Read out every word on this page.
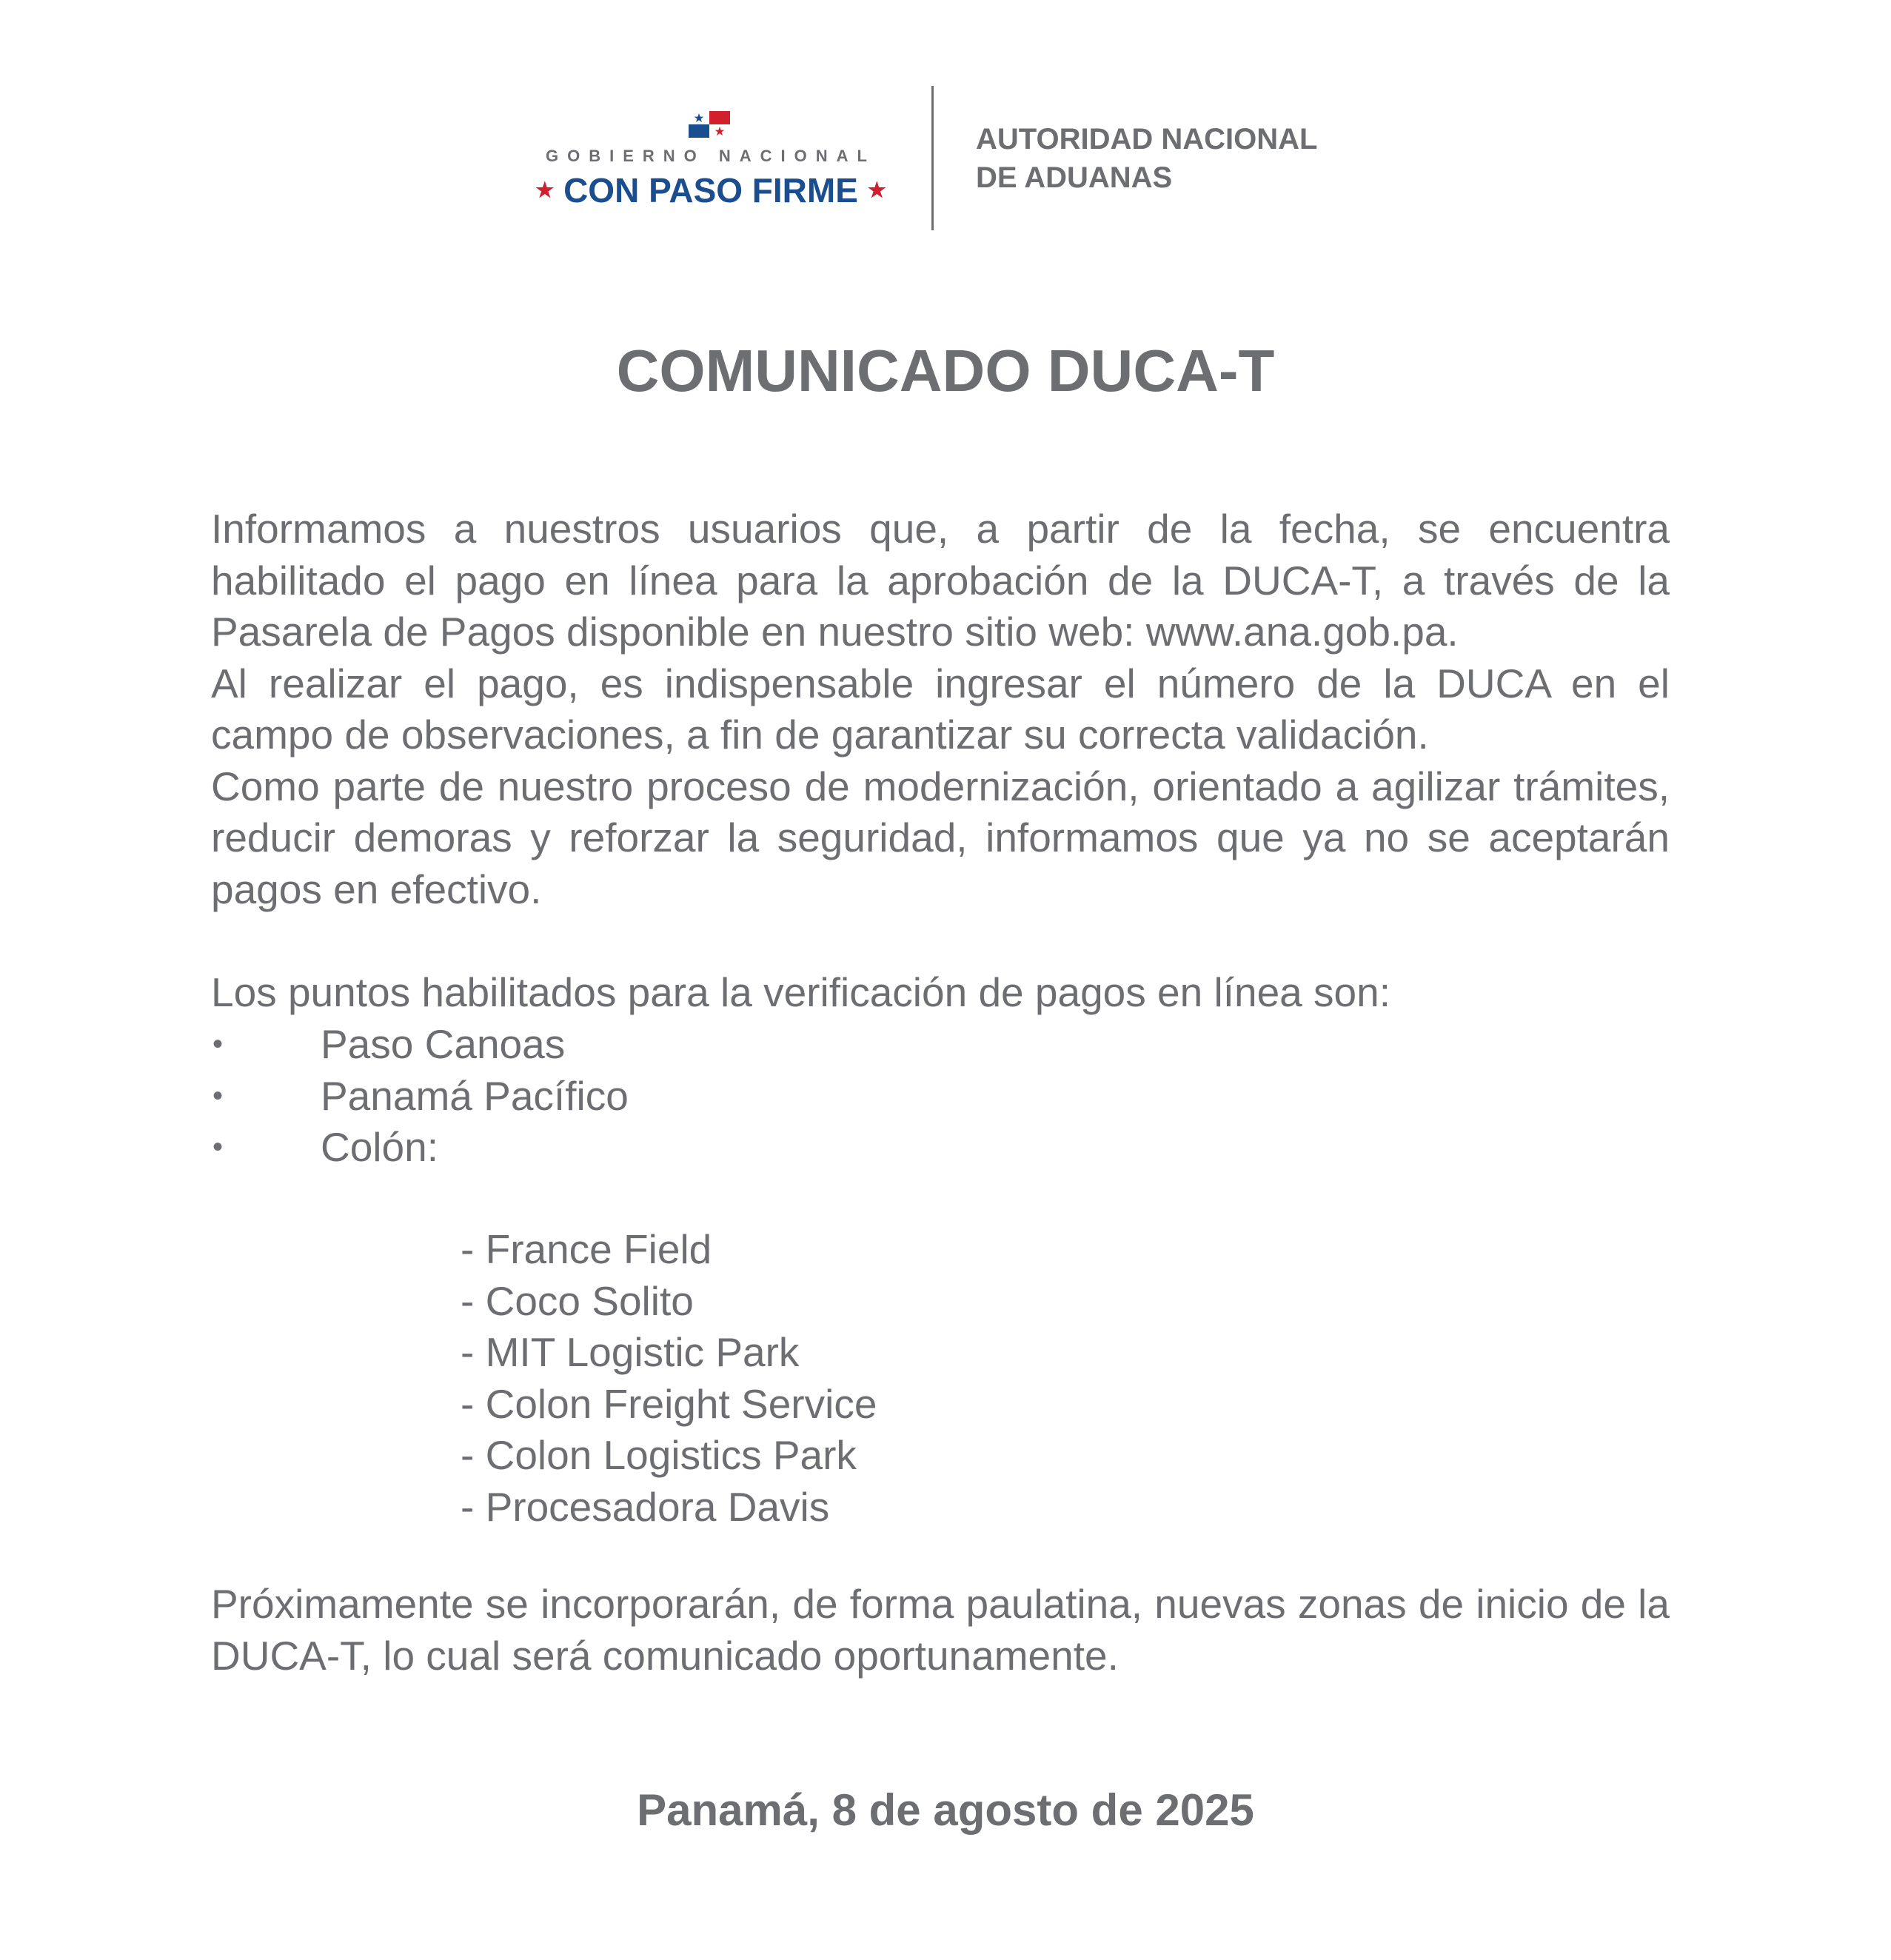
GOBIERNO NACIONAL
★ CON PASO FIRME ★
AUTORIDAD NACIONAL
DE ADUANAS
COMUNICADO DUCA-T
Informamos a nuestros usuarios que, a partir de la fecha, se encuentra habilitado el pago en línea para la aprobación de la DUCA-T, a través de la Pasarela de Pagos disponible en nuestro sitio web: www.ana.gob.pa.
Al realizar el pago, es indispensable ingresar el número de la DUCA en el campo de observaciones, a fin de garantizar su correcta validación.
Como parte de nuestro proceso de modernización, orientado a agilizar trámites, reducir demoras y reforzar la seguridad, informamos que ya no se aceptarán pagos en efectivo.
Los puntos habilitados para la verificación de pagos en línea son:
• Paso Canoas
• Panamá Pacífico
• Colón:
- France Field
- Coco Solito
- MIT Logistic Park
- Colon Freight Service
- Colon Logistics Park
- Procesadora Davis
Próximamente se incorporarán, de forma paulatina, nuevas zonas de inicio de la DUCA-T, lo cual será comunicado oportunamente.
Panamá, 8 de agosto de 2025
